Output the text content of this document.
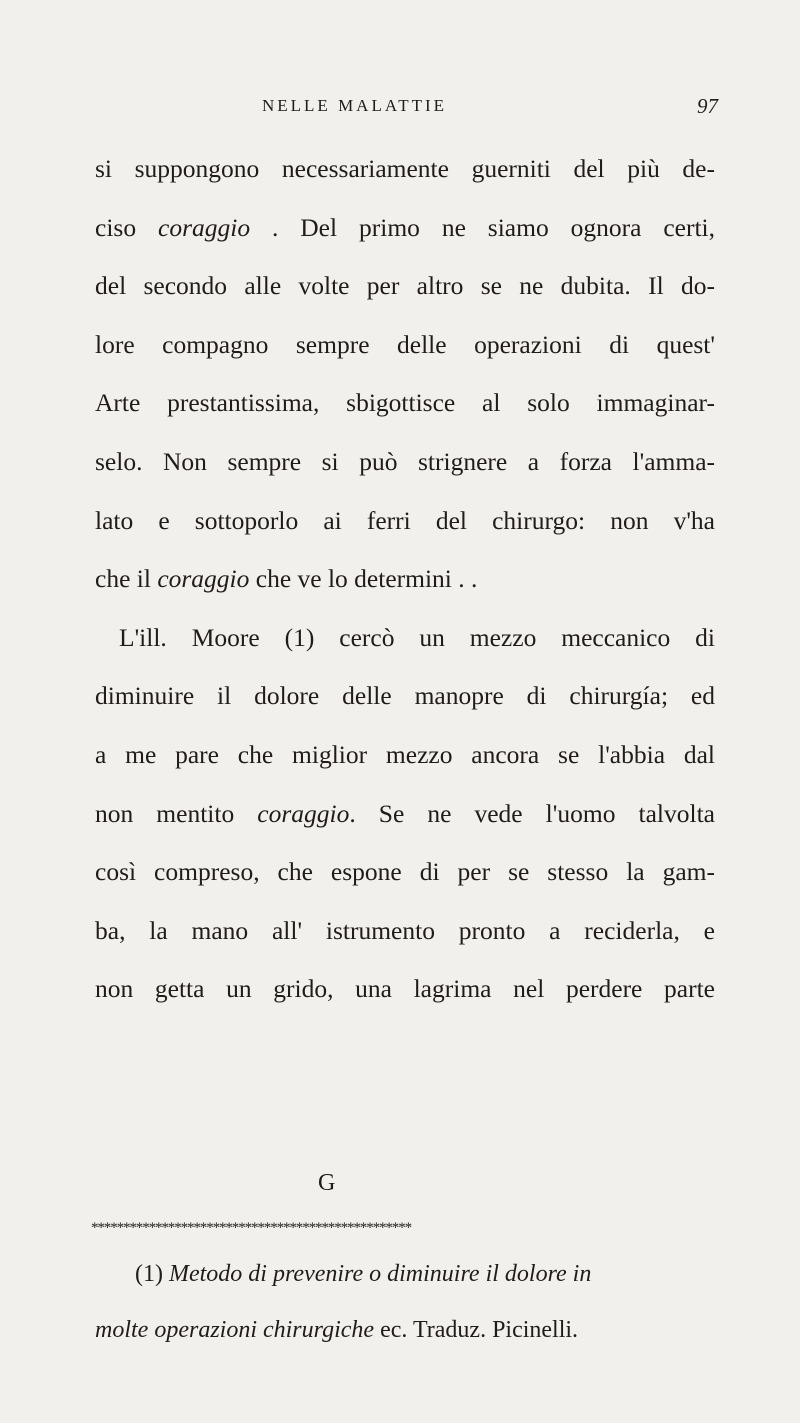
NELLE MALATTIE	97
si suppongono necessariamente guerniti del più de-
ciso coraggio . Del primo ne siamo ognora certi,
del secondo alle volte per altro se ne dubita. Il do-
lore compagno sempre delle operazioni di quest'
Arte prestantissima, sbigottisce al solo immaginar-
selo. Non sempre si può strignere a forza l'amma-
lato e sottoporlo ai ferri del chirurgo: non v'ha
che il coraggio che ve lo determini . .
L'ill. Moore (1) cercò un mezzo meccanico di
diminuire il dolore delle manopre di chirurgía; ed
a me pare che miglior mezzo ancora se l'abbia dal
non mentito coraggio. Se ne vede l'uomo talvolta
così compreso, che espone di per se stesso la gam-
ba, la mano all' istrumento pronto a reciderla, e
non getta un grido, una lagrima nel perdere parte
G
**************************************************
(1) Metodo di prevenire o diminuire il dolore in
molte operazioni chirurgiche ec. Traduz. Picinelli.
